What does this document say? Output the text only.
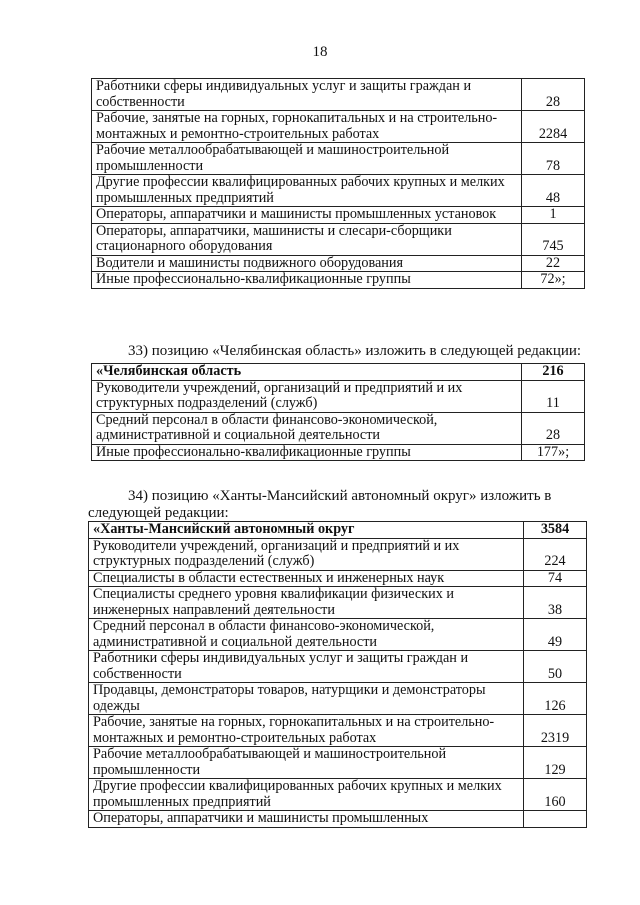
18
Работники сферы индивидуальных услуг и защиты граждан и собственности	28
Рабочие, занятые на горных, горнокапитальных и на строительно-монтажных и ремонтно-строительных работах	2284
Рабочие металлообрабатывающей и машиностроительной промышленности	78
Другие профессии квалифицированных рабочих крупных и мелких промышленных предприятий	48
Операторы, аппаратчики и машинисты промышленных установок	1
Операторы, аппаратчики, машинисты и слесари-сборщики стационарного оборудования	745
Водители и машинисты подвижного оборудования	22
Иные профессионально-квалификационные группы	72»;
33) позицию «Челябинская область» изложить в следующей редакции:
«Челябинская область	216
Руководители учреждений, организаций и предприятий и их структурных подразделений (служб)	11
Средний персонал в области финансово-экономической, административной и социальной деятельности	28
Иные профессионально-квалификационные группы	177»;
34) позицию «Ханты-Мансийский автономный округ» изложить в
следующей редакции:
«Ханты-Мансийский автономный округ	3584
Руководители учреждений, организаций и предприятий и их структурных подразделений (служб)	224
Специалисты в области естественных и инженерных наук	74
Специалисты среднего уровня квалификации физических и инженерных направлений деятельности	38
Средний персонал в области финансово-экономической, административной и социальной деятельности	49
Работники сферы индивидуальных услуг и защиты граждан и собственности	50
Продавцы, демонстраторы товаров, натурщики и демонстраторы одежды	126
Рабочие, занятые на горных, горнокапитальных и на строительно-монтажных и ремонтно-строительных работах	2319
Рабочие металлообрабатывающей и машиностроительной промышленности	129
Другие профессии квалифицированных рабочих крупных и мелких промышленных предприятий	160
Операторы, аппаратчики и машинисты промышленных	
